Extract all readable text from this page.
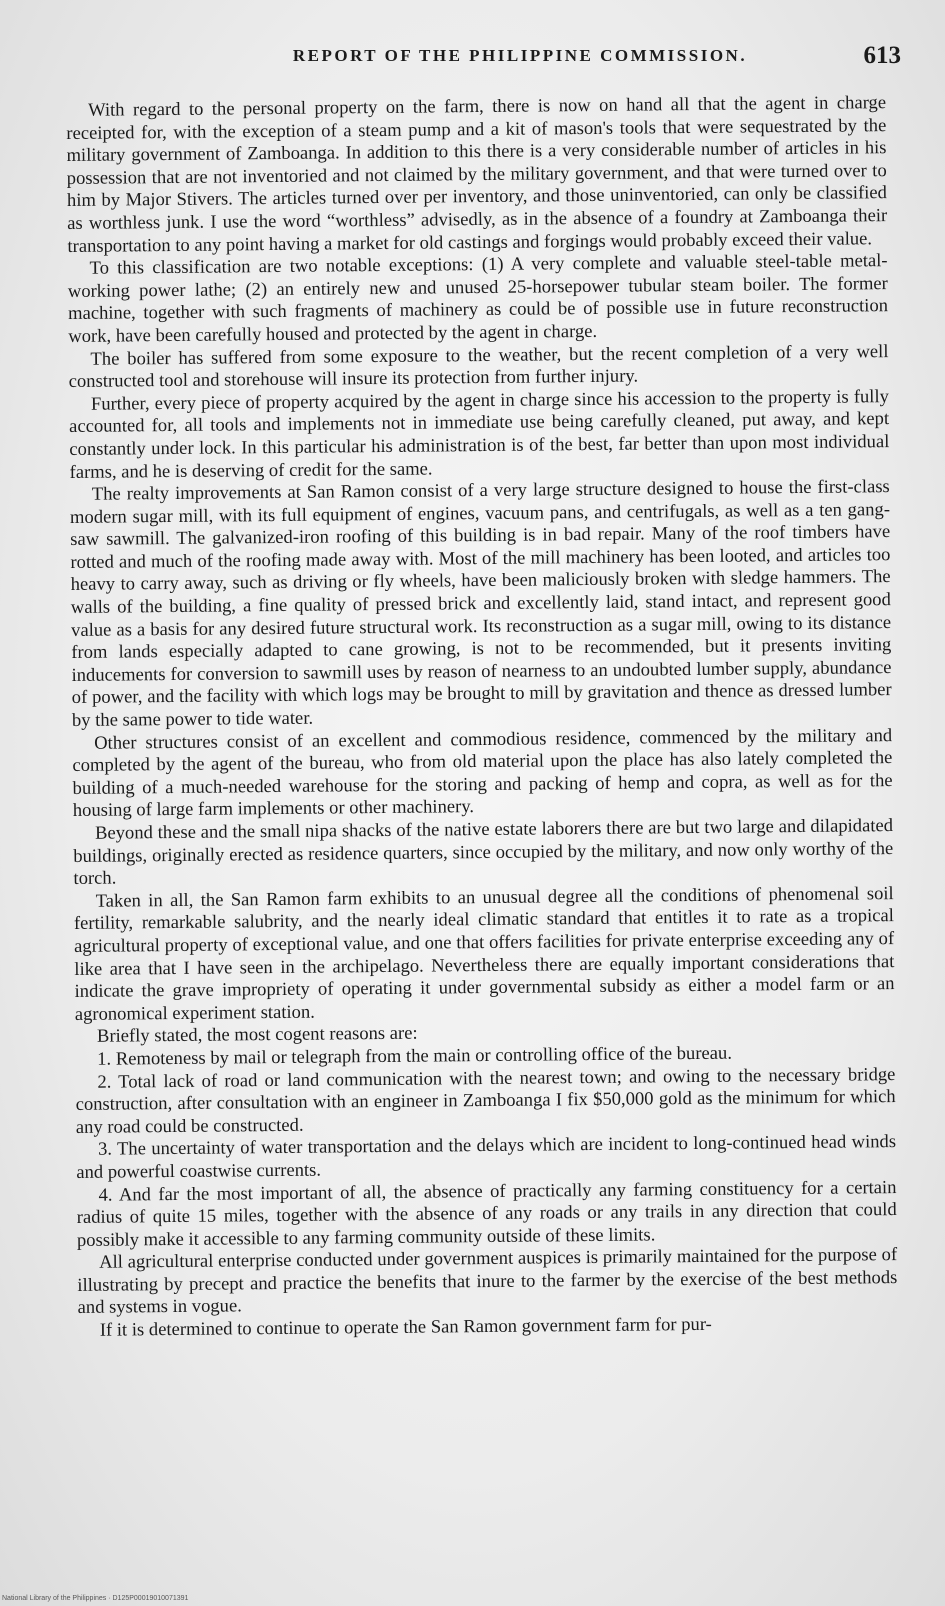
REPORT OF THE PHILIPPINE COMMISSION.	613

With regard to the personal property on the farm, there is now on hand all that the agent in charge receipted for, with the exception of a steam pump and a kit of mason's tools that were sequestrated by the military government of Zamboanga. In addition to this there is a very considerable number of articles in his possession that are not inventoried and not claimed by the military government, and that were turned over to him by Major Stivers. The articles turned over per inventory, and those uninventoried, can only be classified as worthless junk. I use the word “worthless” advisedly, as in the absence of a foundry at Zamboanga their transportation to any point having a market for old castings and forgings would probably exceed their value.

To this classification are two notable exceptions: (1) A very complete and valuable steel-table metal-working power lathe; (2) an entirely new and unused 25-horsepower tubular steam boiler. The former machine, together with such fragments of machinery as could be of possible use in future reconstruction work, have been carefully housed and protected by the agent in charge.

The boiler has suffered from some exposure to the weather, but the recent completion of a very well constructed tool and storehouse will insure its protection from further injury.

Further, every piece of property acquired by the agent in charge since his accession to the property is fully accounted for, all tools and implements not in immediate use being carefully cleaned, put away, and kept constantly under lock. In this particular his administration is of the best, far better than upon most individual farms, and he is deserving of credit for the same.

The realty improvements at San Ramon consist of a very large structure designed to house the first-class modern sugar mill, with its full equipment of engines, vacuum pans, and centrifugals, as well as a ten gang-saw sawmill. The galvanized-iron roofing of this building is in bad repair. Many of the roof timbers have rotted and much of the roofing made away with. Most of the mill machinery has been looted, and articles too heavy to carry away, such as driving or fly wheels, have been maliciously broken with sledge hammers. The walls of the building, a fine quality of pressed brick and excellently laid, stand intact, and represent good value as a basis for any desired future structural work. Its reconstruction as a sugar mill, owing to its distance from lands especially adapted to cane growing, is not to be recommended, but it presents inviting inducements for conversion to sawmill uses by reason of nearness to an undoubted lumber supply, abundance of power, and the facility with which logs may be brought to mill by gravitation and thence as dressed lumber by the same power to tide water.

Other structures consist of an excellent and commodious residence, commenced by the military and completed by the agent of the bureau, who from old material upon the place has also lately completed the building of a much-needed warehouse for the storing and packing of hemp and copra, as well as for the housing of large farm implements or other machinery.

Beyond these and the small nipa shacks of the native estate laborers there are but two large and dilapidated buildings, originally erected as residence quarters, since occupied by the military, and now only worthy of the torch.

Taken in all, the San Ramon farm exhibits to an unusual degree all the conditions of phenomenal soil fertility, remarkable salubrity, and the nearly ideal climatic standard that entitles it to rate as a tropical agricultural property of exceptional value, and one that offers facilities for private enterprise exceeding any of like area that I have seen in the archipelago. Nevertheless there are equally important considerations that indicate the grave impropriety of operating it under governmental subsidy as either a model farm or an agronomical experiment station.

Briefly stated, the most cogent reasons are:

1. Remoteness by mail or telegraph from the main or controlling office of the bureau.

2. Total lack of road or land communication with the nearest town; and owing to the necessary bridge construction, after consultation with an engineer in Zamboanga I fix $50,000 gold as the minimum for which any road could be constructed.

3. The uncertainty of water transportation and the delays which are incident to long-continued head winds and powerful coastwise currents.

4. And far the most important of all, the absence of practically any farming constituency for a certain radius of quite 15 miles, together with the absence of any roads or any trails in any direction that could possibly make it accessible to any farming community outside of these limits.

All agricultural enterprise conducted under government auspices is primarily maintained for the purpose of illustrating by precept and practice the benefits that inure to the farmer by the exercise of the best methods and systems in vogue.

If it is determined to continue to operate the San Ramon government farm for pur-

National Library of the Philippines · D125P00019010071391
